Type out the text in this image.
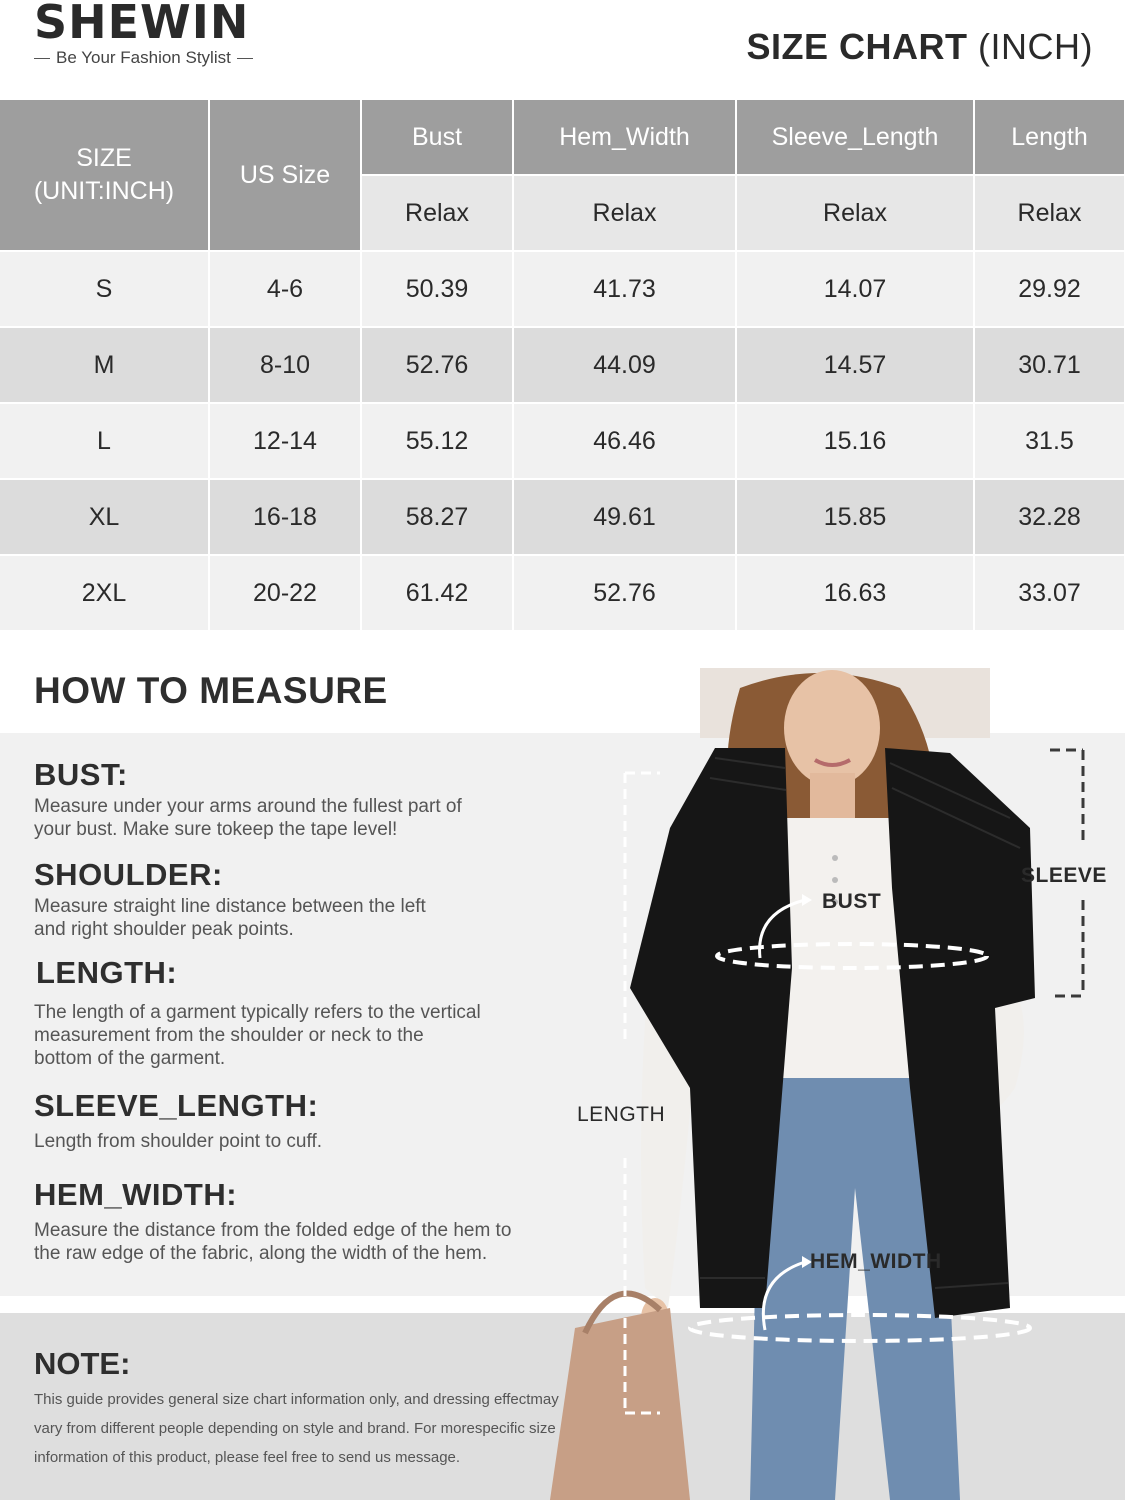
SHEWIN
Be Your Fashion Stylist	SIZE CHART (INCH)
SIZE
(UNIT:INCH)	US Size	Bust	Hem_Width	Sleeve_Length	Length
		Relax	Relax	Relax	Relax
S	4-6	50.39	41.73	14.07	29.92
M	8-10	52.76	44.09	14.57	30.71
L	12-14	55.12	46.46	15.16	31.5
XL	16-18	58.27	49.61	15.85	32.28
2XL	20-22	61.42	52.76	16.63	33.07
HOW TO MEASURE
BUST:

Measure under your arms around the fullest part of your bust. Make sure tokeep the tape level!

SHOULDER:

Measure straight line distance between the left and right shoulder peak points.

LENGTH:

The length of a garment typically refers to the vertical measurement from the shoulder or neck to the bottom of the garment.

SLEEVE_LENGTH:

Length from shoulder point to cuff.

HEM_WIDTH:

Measure the distance from the folded edge of the hem to the raw edge of the fabric, along the width of the hem.

NOTE:

This guide provides general size chart information only, and dressing effectmay vary from different people depending on style and brand. For morespecific size information of this product, please feel free to send us message.

BUST
SLEEVE
LENGTH
HEM_WIDTH
